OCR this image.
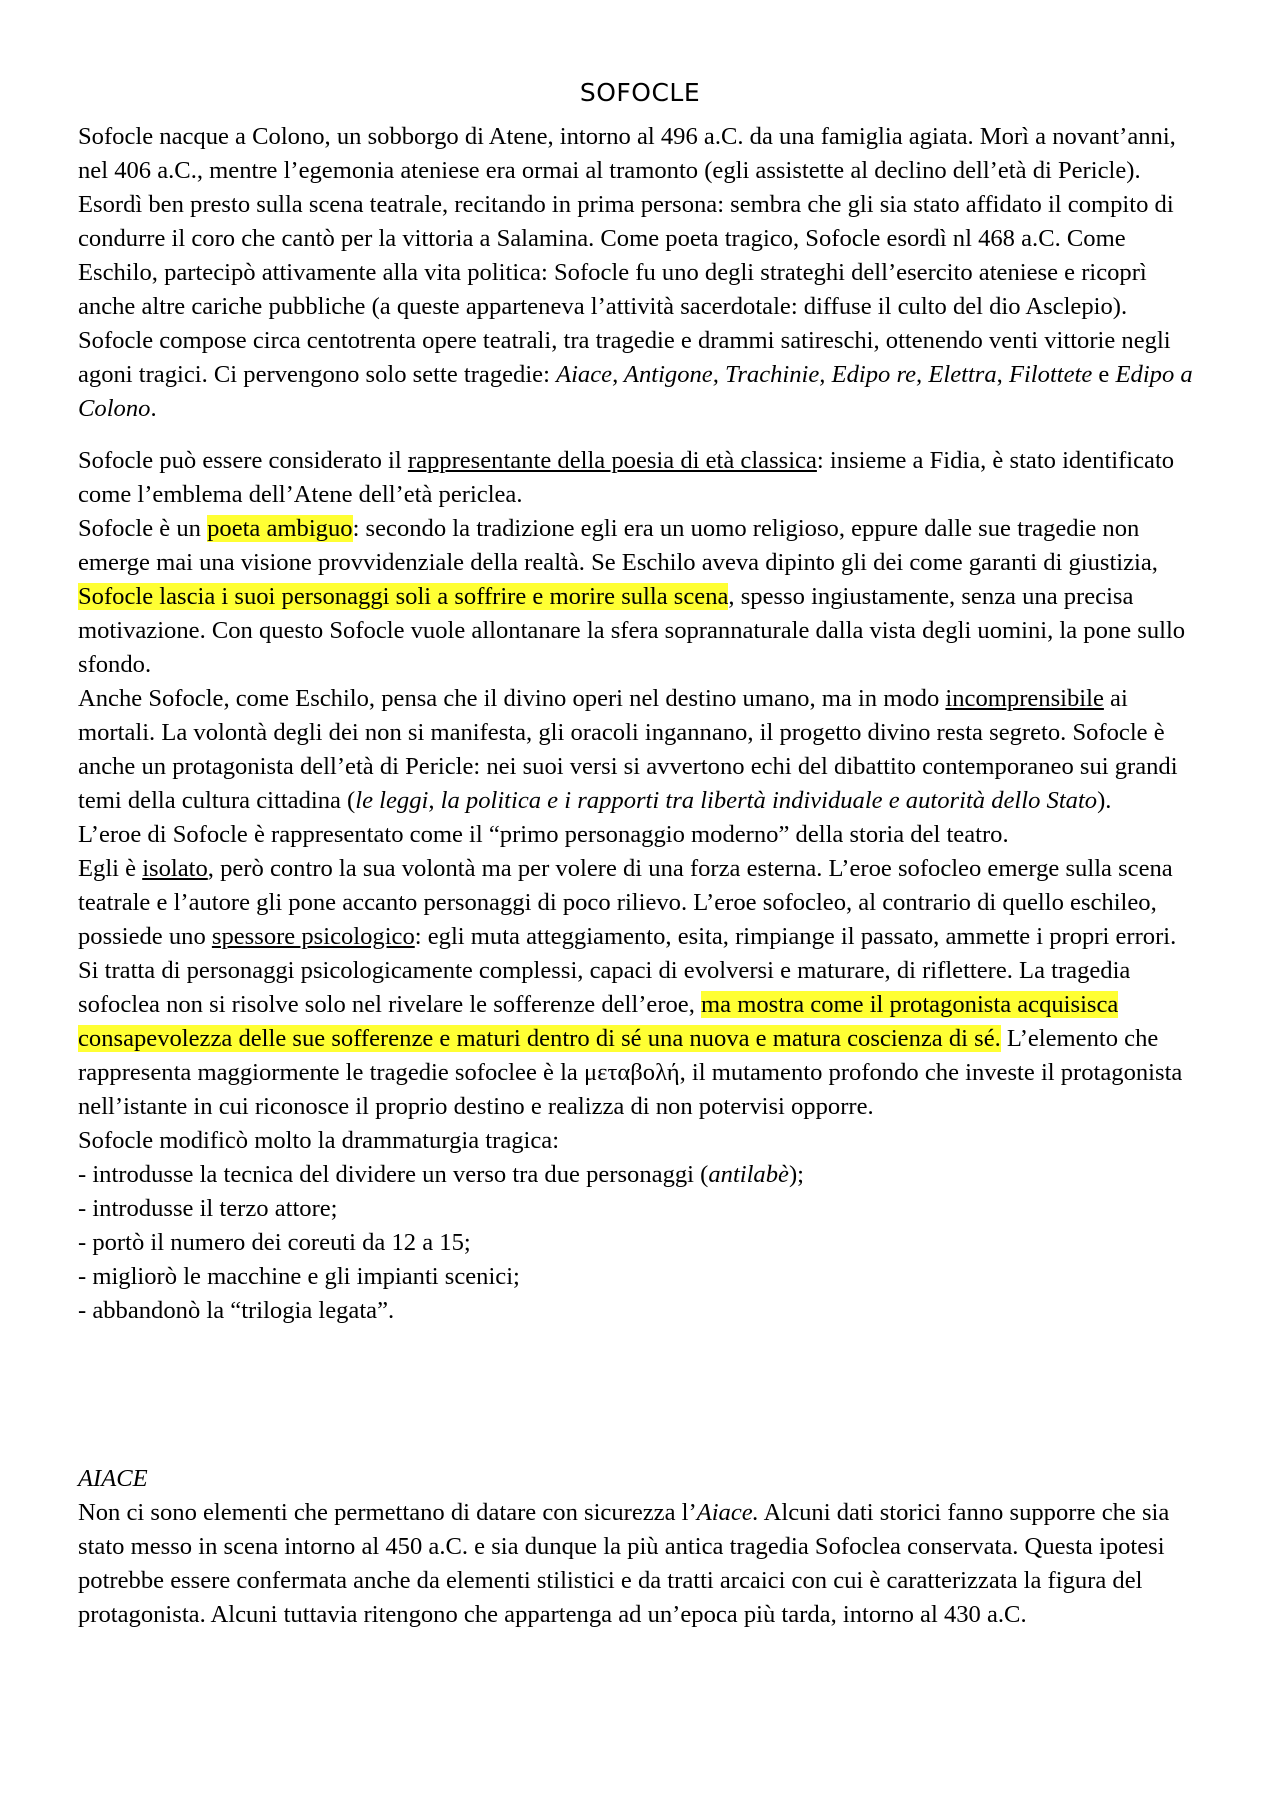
SOFOCLE

Sofocle nacque a Colono, un sobborgo di Atene, intorno al 496 a.C. da una famiglia agiata. Morì a novant’anni, nel 406 a.C., mentre l’egemonia ateniese era ormai al tramonto (egli assistette al declino dell’età di Pericle). Esordì ben presto sulla scena teatrale, recitando in prima persona: sembra che gli sia stato affidato il compito di condurre il coro che cantò per la vittoria a Salamina. Come poeta tragico, Sofocle esordì nl 468 a.C. Come Eschilo, partecipò attivamente alla vita politica: Sofocle fu uno degli strateghi dell’esercito ateniese e ricoprì anche altre cariche pubbliche (a queste apparteneva l’attività sacerdotale: diffuse il culto del dio Asclepio).

Sofocle compose circa centotrenta opere teatrali, tra tragedie e drammi satireschi, ottenendo venti vittorie negli agoni tragici. Ci pervengono solo sette tragedie: Aiace, Antigone, Trachinie, Edipo re, Elettra, Filottete e Edipo a Colono.

Sofocle può essere considerato il rappresentante della poesia di età classica: insieme a Fidia, è stato identificato come l’emblema dell’Atene dell’età periclea.

Sofocle è un poeta ambiguo: secondo la tradizione egli era un uomo religioso, eppure dalle sue tragedie non emerge mai una visione provvidenziale della realtà. Se Eschilo aveva dipinto gli dei come garanti di giustizia, Sofocle lascia i suoi personaggi soli a soffrire e morire sulla scena, spesso ingiustamente, senza una precisa motivazione. Con questo Sofocle vuole allontanare la sfera soprannaturale dalla vista degli uomini, la pone sullo sfondo.

Anche Sofocle, come Eschilo, pensa che il divino operi nel destino umano, ma in modo incomprensibile ai mortali. La volontà degli dei non si manifesta, gli oracoli ingannano, il progetto divino resta segreto. Sofocle è anche un protagonista dell’età di Pericle: nei suoi versi si avvertono echi del dibattito contemporaneo sui grandi temi della cultura cittadina (le leggi, la politica e i rapporti tra libertà individuale e autorità dello Stato).

L’eroe di Sofocle è rappresentato come il “primo personaggio moderno” della storia del teatro.

Egli è isolato, però contro la sua volontà ma per volere di una forza esterna. L’eroe sofocleo emerge sulla scena teatrale e l’autore gli pone accanto personaggi di poco rilievo. L’eroe sofocleo, al contrario di quello eschileo, possiede uno spessore psicologico: egli muta atteggiamento, esita, rimpiange il passato, ammette i propri errori. Si tratta di personaggi psicologicamente complessi, capaci di evolversi e maturare, di riflettere. La tragedia sofoclea non si risolve solo nel rivelare le sofferenze dell’eroe, ma mostra come il protagonista acquisisca consapevolezza delle sue sofferenze e maturi dentro di sé una nuova e matura coscienza di sé. L’elemento che rappresenta maggiormente le tragedie sofoclee è la μεταβολή, il mutamento profondo che investe il protagonista nell’istante in cui riconosce il proprio destino e realizza di non potervisi opporre.

Sofocle modificò molto la drammaturgia tragica:

- introdusse la tecnica del dividere un verso tra due personaggi (antilabè);
- introdusse il terzo attore;
- portò il numero dei coreuti da 12 a 15;
- migliorò le macchine e gli impianti scenici;
- abbandonò la “trilogia legata”.

AIACE

Non ci sono elementi che permettano di datare con sicurezza l’Aiace. Alcuni dati storici fanno supporre che sia stato messo in scena intorno al 450 a.C. e sia dunque la più antica tragedia Sofoclea conservata. Questa ipotesi potrebbe essere confermata anche da elementi stilistici e da tratti arcaici con cui è caratterizzata la figura del protagonista. Alcuni tuttavia ritengono che appartenga ad un’epoca più tarda, intorno al 430 a.C.
